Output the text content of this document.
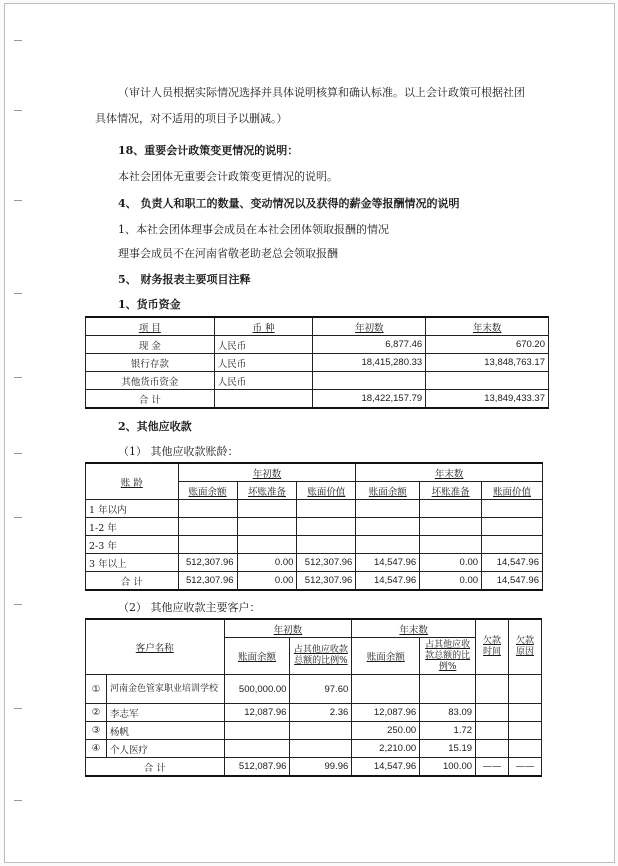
（审计人员根据实际情况选择并具体说明核算和确认标准。以上会计政策可根据社团
具体情况，对不适用的项目予以删减。）
18、重要会计政策变更情况的说明：
本社会团体无重要会计政策变更情况的说明。
4、 负责人和职工的数量、变动情况以及获得的薪金等报酬情况的说明
1、本社会团体理事会成员在本社会团体领取报酬的情况
理事会成员不在河南省敬老助老总会领取报酬
5、 财务报表主要项目注释
1、货币资金
项 目	币 种	年初数	年末数
现 金	人民币	6,877.46	670.20
银行存款	人民币	18,415,280.33	13,848,763.17
其他货币资金	人民币		
合 计		18,422,157.79	13,849,433.37
2、其他应收款
（1） 其他应收款账龄：
账 龄	年初数			年末数		
	账面余额	坏账准备	账面价值	账面余额	坏账准备	账面价值
1 年以内						
1-2 年						
2-3 年						
3 年以上	512,307.96	0.00	512,307.96	14,547.96	0.00	14,547.96
合 计	512,307.96	0.00	512,307.96	14,547.96	0.00	14,547.96
（2） 其他应收款主要客户：
客户名称		年初数		年末数		欠款时间	欠款原因
		账面余额	占其他应收款总额的比例%	账面余额	占其他应收款总额的比例%		
①	河南金色管家职业培训学校	500,000.00	97.60				
②	李志军	12,087.96	2.36	12,087.96	83.09		
③	杨帆			250.00	1.72		
④	个人医疗			2,210.00	15.19		
合 计		512,087.96	99.96	14,547.96	100.00	——	——
